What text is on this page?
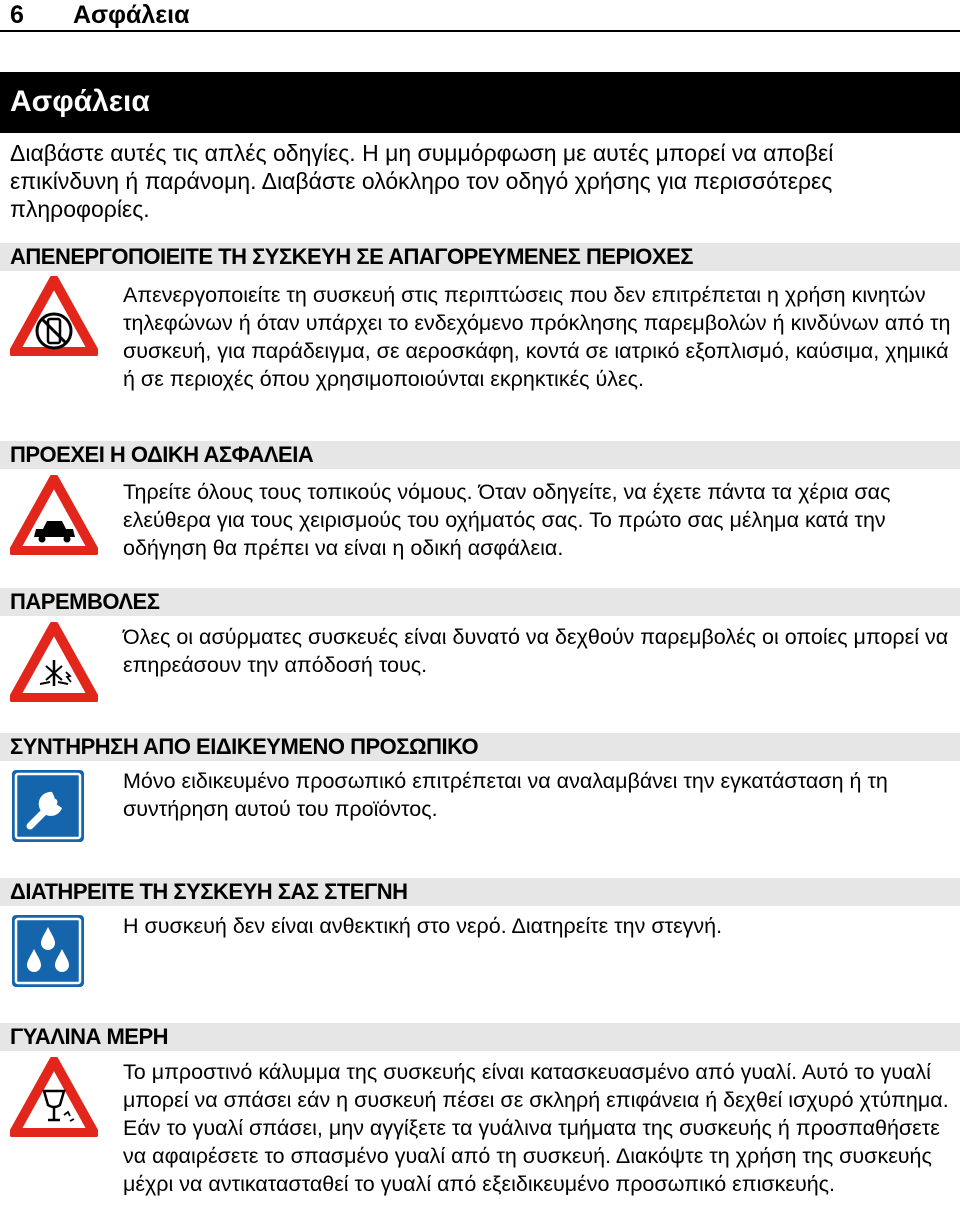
6 Ασφάλεια
Ασφάλεια
Διαβάστε αυτές τις απλές οδηγίες. Η μη συμμόρφωση με αυτές μπορεί να αποβεί επικίνδυνη ή παράνομη. Διαβάστε ολόκληρο τον οδηγό χρήσης για περισσότερες πληροφορίες.
ΑΠΕΝΕΡΓΟΠΟΙΕΙΤΕ ΤΗ ΣΥΣΚΕΥΗ ΣΕ ΑΠΑΓΟΡΕΥΜΕΝΕΣ ΠΕΡΙΟΧΕΣ
Απενεργοποιείτε τη συσκευή στις περιπτώσεις που δεν επιτρέπεται η χρήση κινητών τηλεφώνων ή όταν υπάρχει το ενδεχόμενο πρόκλησης παρεμβολών ή κινδύνων από τη συσκευή, για παράδειγμα, σε αεροσκάφη, κοντά σε ιατρικό εξοπλισμό, καύσιμα, χημικά ή σε περιοχές όπου χρησιμοποιούνται εκρηκτικές ύλες.
ΠΡΟΕΧΕΙ Η ΟΔΙΚΗ ΑΣΦΑΛΕΙΑ
Τηρείτε όλους τους τοπικούς νόμους. Όταν οδηγείτε, να έχετε πάντα τα χέρια σας ελεύθερα για τους χειρισμούς του οχήματός σας. Το πρώτο σας μέλημα κατά την οδήγηση θα πρέπει να είναι η οδική ασφάλεια.
ΠΑΡΕΜΒΟΛΕΣ
Όλες οι ασύρματες συσκευές είναι δυνατό να δεχθούν παρεμβολές οι οποίες μπορεί να επηρεάσουν την απόδοσή τους.
ΣΥΝΤΗΡΗΣΗ ΑΠΟ ΕΙΔΙΚΕΥΜΕΝΟ ΠΡΟΣΩΠΙΚΟ
Μόνο ειδικευμένο προσωπικό επιτρέπεται να αναλαμβάνει την εγκατάσταση ή τη συντήρηση αυτού του προϊόντος.
ΔΙΑΤΗΡΕΙΤΕ ΤΗ ΣΥΣΚΕΥΗ ΣΑΣ ΣΤΕΓΝΗ
Η συσκευή δεν είναι ανθεκτική στο νερό. Διατηρείτε την στεγνή.
ΓΥΑΛΙΝΑ ΜΕΡΗ
Το μπροστινό κάλυμμα της συσκευής είναι κατασκευασμένο από γυαλί. Αυτό το γυαλί μπορεί να σπάσει εάν η συσκευή πέσει σε σκληρή επιφάνεια ή δεχθεί ισχυρό χτύπημα. Εάν το γυαλί σπάσει, μην αγγίξετε τα γυάλινα τμήματα της συσκευής ή προσπαθήσετε να αφαιρέσετε το σπασμένο γυαλί από τη συσκευή. Διακόψτε τη χρήση της συσκευής μέχρι να αντικατασταθεί το γυαλί από εξειδικευμένο προσωπικό επισκευής.
